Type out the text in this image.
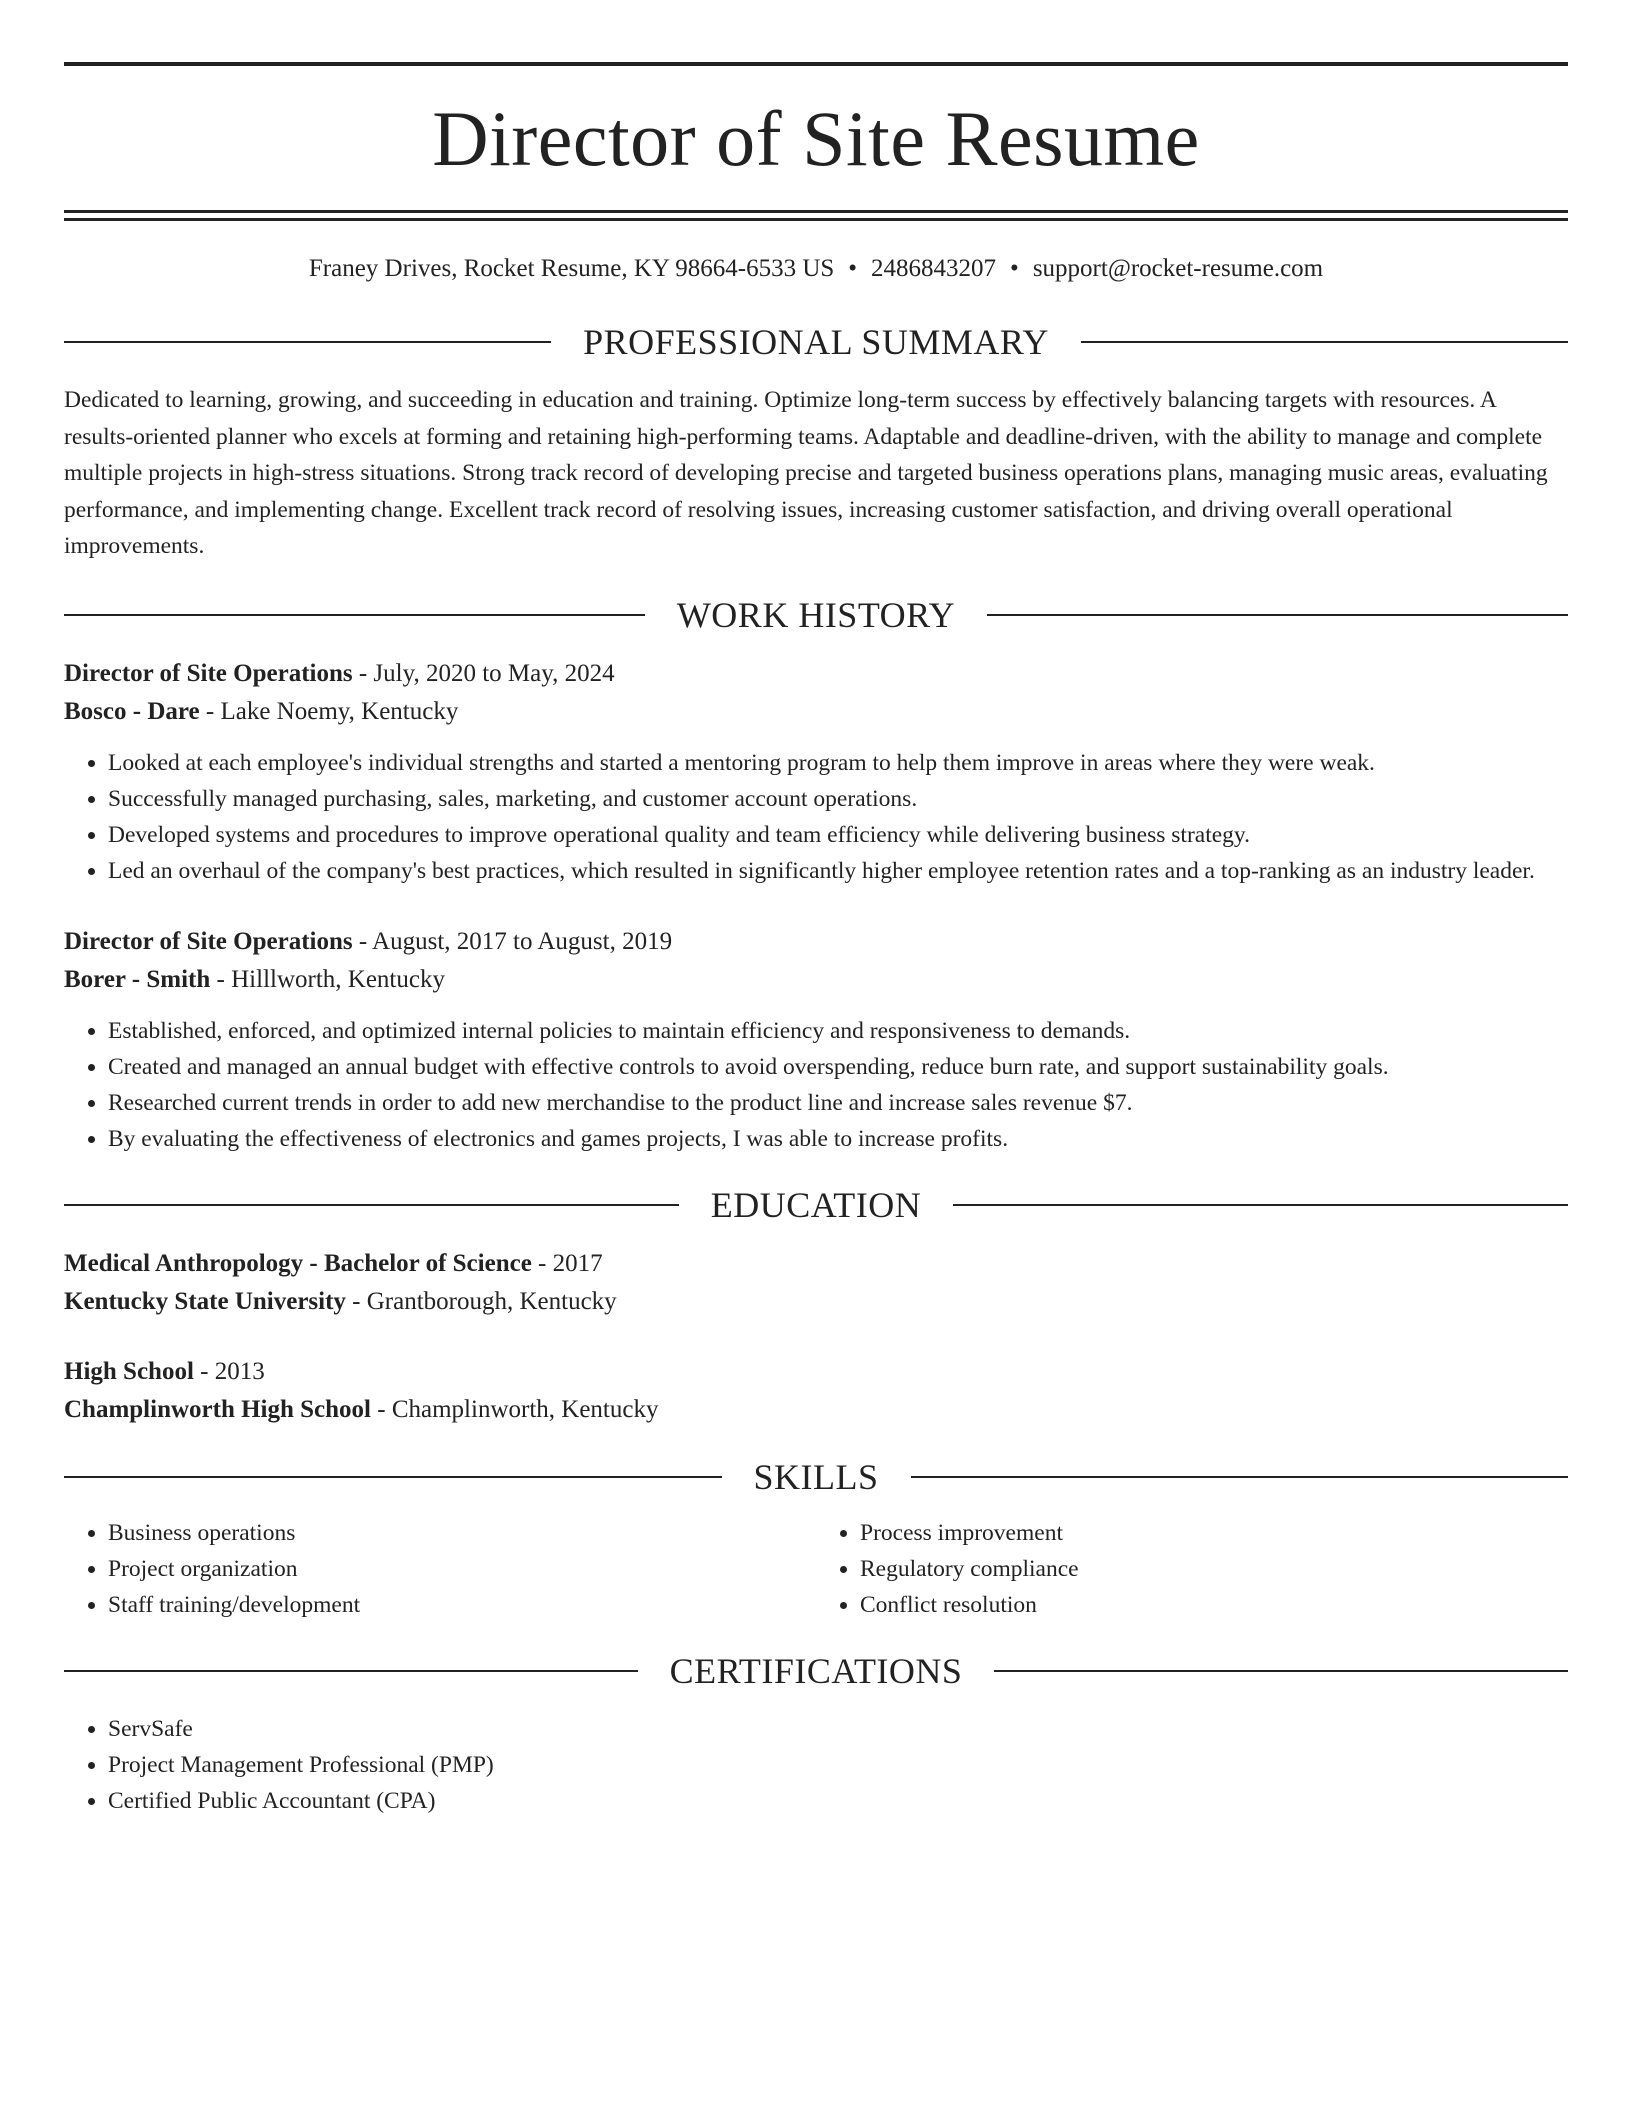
Director of Site Resume
Franey Drives, Rocket Resume, KY 98664-6533 US • 2486843207 • support@rocket-resume.com
PROFESSIONAL SUMMARY
Dedicated to learning, growing, and succeeding in education and training. Optimize long-term success by effectively balancing targets with resources. A results-oriented planner who excels at forming and retaining high-performing teams. Adaptable and deadline-driven, with the ability to manage and complete multiple projects in high-stress situations. Strong track record of developing precise and targeted business operations plans, managing music areas, evaluating performance, and implementing change. Excellent track record of resolving issues, increasing customer satisfaction, and driving overall operational improvements.
WORK HISTORY
Director of Site Operations - July, 2020 to May, 2024
Bosco - Dare - Lake Noemy, Kentucky
• Looked at each employee's individual strengths and started a mentoring program to help them improve in areas where they were weak.
• Successfully managed purchasing, sales, marketing, and customer account operations.
• Developed systems and procedures to improve operational quality and team efficiency while delivering business strategy.
• Led an overhaul of the company's best practices, which resulted in significantly higher employee retention rates and a top-ranking as an industry leader.
Director of Site Operations - August, 2017 to August, 2019
Borer - Smith - Hilllworth, Kentucky
• Established, enforced, and optimized internal policies to maintain efficiency and responsiveness to demands.
• Created and managed an annual budget with effective controls to avoid overspending, reduce burn rate, and support sustainability goals.
• Researched current trends in order to add new merchandise to the product line and increase sales revenue $7.
• By evaluating the effectiveness of electronics and games projects, I was able to increase profits.
EDUCATION
Medical Anthropology - Bachelor of Science - 2017
Kentucky State University - Grantborough, Kentucky
High School - 2013
Champlinworth High School - Champlinworth, Kentucky
SKILLS
• Business operations
• Project organization
• Staff training/development
• Process improvement
• Regulatory compliance
• Conflict resolution
CERTIFICATIONS
• ServSafe
• Project Management Professional (PMP)
• Certified Public Accountant (CPA)
